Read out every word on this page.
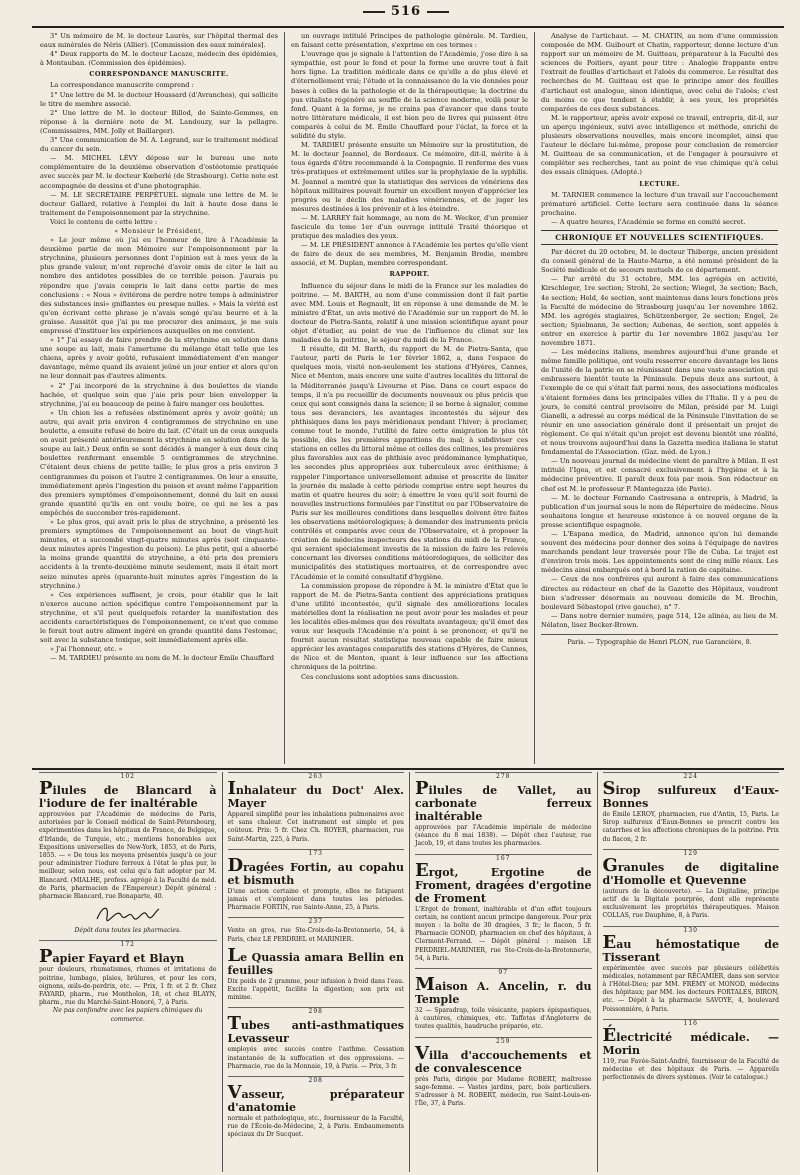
516

3° Un mémoire de M. le docteur Laurès, sur l'hôpital thermal des eaux minérales de Néris (Allier). [Commission des eaux minérales].

4° Deux rapports de M. le docteur Lacaze, médecin des épidémies, à Montauban. (Commission des épidémies).

CORRESPONDANCE MANUSCRITE.

La correspondance manuscrite comprend :

1° Une lettre de M. le docteur Houssard (d'Avranches), qui sollicite le titre de membre associé.

2° Une lettre de M. le docteur Billod, de Sainte-Gemmes, en réponse à la dernière note de M. Landouzy, sur la pellagre. (Commissaires, MM. Jolly et Baillarger).

3° Une communication de M. A. Legrand, sur le traitement médical du cancer du sein.

— M. MICHEL LÉVY dépose sur le bureau une note complémentaire de la deuxième observation d'ostéotomie pratiquée avec succès par M. le docteur Kœberlé (de Strasbourg). Cette note est accompagnée de dessins et d'une photographie.

— M. LE SECRÉTAIRE PERPÉTUEL signale une lettre de M. le docteur Gallard, relative à l'emploi du lait à haute dose dans le traitement de l'empoisonnement par la strychnine.

Voici le contenu de cette lettre :

« Monsieur le Président,

» Le jour même où j'ai eu l'honneur de lire à l'Académie la deuxième partie de mon Mémoire sur l'empoisonnement par la strychnine, plusieurs personnes dont l'opinion est à mes yeux de la plus grande valeur, m'ont reproché d'avoir omis de citer le lait au nombre des antidotes possibles de ce terrible poison. J'aurais pu répondre que j'avais compris le lait dans cette partie de mes conclusions : « Nous » évitérons de perdre notre temps à administrer des substances insi» gnifiantes ou presque nulles. » Mais la vérité est qu'en écrivant cette phrase je n'avais songé qu'au beurre et à la graisse. Aussitôt que j'ai pu me procurer des animaux, je me suis empressé d'instituer les expériences auxquelles on me convient.

» 1° J'ai essayé de faire prendre de la strychnine en solution dans une soupe au lait, mais l'amertume du mélange était telle que les chiens, après y avoir goûté, refusaient immédiatement d'en manger davantage, même quand ils avaient jeûné un jour entier et alors qu'on ne leur donnait pas d'autres aliments.

» 2° J'ai incorporé de la strychnine à des boulettes de viande hachée, et quelque soin que j'aie pris pour bien envelopper la strychnine, j'ai eu beaucoup de peine à faire manger ces boulettes.

» Un chien les a refusées obstinément après y avoir goûté; un autre, qui avait pris environ 4 centigrammes de strychnine en une boulette, a ensuite refusé de boire du lait. (C'était un de ceux auxquels on avait présenté antérieurement la strychnine en solution dans de la soupe au lait.) Deux enfin se sont décidés à manger à eux deux cinq boulettes renfermant ensemble 5 centigrammes de strychnine. C'étaient deux chiens de petite taille; le plus gros a pris environ 3 centigrammes du poison et l'autre 2 centigrammes. On leur a ensuite, immédiatement après l'ingestion du poison et avant même l'apparition des premiers symptômes d'empoisonnement, donné du lait en aussi grande quantité qu'ils en ont voulu boire, ce qui ne les a pas empêchés de succomber très-rapidement.

» Le plus gros, qui avait pris le plus de strychnine, a présenté les premiers symptômes de l'empoisonnement au bout de vingt-huit minutes, et a succombé vingt-quatre minutes après (soit cinquante-deux minutes après l'ingestion du poison). Le plus petit, qui a absorbé la moins grande quantité de strychnine, a été pris des premiers accidents à la trente-deuxième minute seulement, mais il était mort seize minutes après (quarante-huit minutes après l'ingestion de la strychnine.)

» Ces expériences suffisent, je crois, pour établir que le lait n'exerce aucune action spécifique contre l'empoisonnement par la strychnine, et s'il peut quelquefois retarder la manifestation des accidents caractéristiques de l'empoisonnement, ce n'est que comme le ferait tout autre aliment ingéré en grande quantité dans l'estomac, soit avec la substance toxique, soit immédiatement après elle.

» J'ai l'honneur, etc. »

— M. TARDIEU présente au nom de M. le docteur Émile Chauffard

un ouvrage intitulé Principes de pathologie générale. M. Tardieu, en faisant cette présentation, s'exprime en ces termes :

L'ouvrage que je signale à l'attention de l'Académie, j'ose dire à sa sympathie, est pour le fond et pour la forme une œuvre tout à fait hors ligne. La tradition médicale dans ce qu'elle a de plus élevé et d'éternellement vrai; l'étude et la connaissance de la vie données pour bases à celles de la pathologie et de la thérapeutique; la doctrine du pus vitaliste régénéré au souffle de la science moderne, voilà pour le fond. Quant à la forme, je ne crains pas d'avancer que dans toute notre littérature médicale, il est bien peu de livres qui puissent être comparés à celui de M. Émile Chauffard pour l'éclat, la force et la solidité du style.

M. TARDIEU présente ensuite un Mémoire sur la prostitution, de M. le docteur Jeannel, de Bordeaux. Ce mémoire, dit-il, mérite à à tous égards d'être recommandé à la Compagnie. Il renferme des vues très-pratiques et extrêmement utiles sur la prophylaxie de la syphilis. M. Jeannel a montré que la statistique des services de vénériens des hôpitaux militaires pouvait fournir un excellent moyen d'apprécier les progrès ou le déclin des maladies vénériennes, et de juger les mesures destinées à les prévenir et à les éteindre.

— M. LARREY fait hommage, au nom de M. Wecker, d'un premier fascicule du tome 1er d'un ouvrage intitulé Traité théorique et pratique des maladies des yeux.

— M. LE PRÉSIDENT annonce à l'Académie les pertes qu'elle vient de faire de deux de ses membres, M. Benjamin Brodie, membre associé, et M. Duplan, membre correspondant.

RAPPORT.

Influence du séjour dans le midi de la France sur les maladies de poitrine. — M. BARTH, au nom d'une commission dont il fait partie avec MM. Louis et Regnault, lit en réponse à une demande de M. le ministre d'État, un avis motivé de l'Académie sur un rapport de M. le docteur de Pietra-Santa, relatif à une mission scientifique ayant pour objet d'étudier, au point de vue de l'influence du climat sur les maladies de la poitrine, le séjour du midi de la France.

Il résulte, dit M. Barth, du rapport de M. de Pietra-Santa, que l'auteur, parti de Paris le 1er février 1862, a, dans l'espace de quelques mois, visité non-seulement les stations d'Hyères, Cannes, Nice et Menton, mais encore une suite d'autres localités du littoral de la Méditerranée jusqu'à Livourne et Pise. Dans ce court espace de temps, il n'a pu recueillir de documents nouveaux ou plus précis que ceux qui sont consignés dans la science; il se borne à signaler, comme tous ses devanciers, les avantages incontestés du séjour des phthisiques dans les pays méridionaux pendant l'hiver; à proclamer, comme tout le monde, l'utilité de faire cette émigration le plus tôt possible, dès les premières apparitions du mal; à subdiviser ces stations en celles du littoral même et celles des collines, les premières plus favorables aux cas de phthisie avec prédominance lymphatique, les secondes plus appropriées aux tuberculeux avec éréthisme; à rappeler l'importance universellement admise et prescrite de limiter la journée du malade à cette période comprise entre sept heures du matin et quatre heures du soir; à émettre le vœu qu'il soit fourni de nouvelles instructions formulées par l'institut ou par l'Observatoire de Paris sur les meilleures conditions dans lesquelles doivent être faites les observations météorologiques; à demander des instruments précis contrôlés et comparés avec ceux de l'Observatoire, et à proposer la création de médecins inspecteurs des stations du midi de la France, qui seraient spécialement investis de la mission de faire les relevés concernant les diverses conditions météorologiques, de solliciter des municipalités des statistiques mortuaires, et de correspondre avec l'Académie et le comité consultatif d'hygiène.

La commission propose de répondre à M. le ministre d'État que le rapport de M. de Pietra-Santa contient des appréciations pratiques d'une utilité incontestée, qu'il signale des améliorations locales matérielles dont la réalisation ne peut avoir pour les malades et pour les localités elles-mêmes que des résultats avantageux; qu'il émet des vœux sur lesquels l'Académie n'a point à se prononcer, et qu'il ne fournit aucun résultat statistique nouveau capable de faire mieux apprécier les avantages comparatifs des stations d'Hyères, de Cannes, de Nice et de Menton, quant à leur influence sur les affections chroniques de la poitrine.

Ces conclusions sont adoptées sans discussion.

Analyse de l'artichaut. — M. CHATIN, au nom d'une commission composée de MM. Guibourt et Chatin, rapporteur, donne lecture d'un rapport sur un mémoire de M. Guitteau, préparateur à la Faculté des sciences de Poitiers, ayant pour titre : Analogie frappante entre l'extrait de feuilles d'artichaut et l'aloès du commerce. Le résultat des recherches de M. Guitteau est que le principe amer des feuilles d'artichaut est analogue, sinon identique, avec celui de l'aloès; c'est du moins ce que tendent à établir, à ses yeux, les propriétés comparées de ces deux substances.

M. le rapporteur, après avoir exposé ce travail, entrepris, dit-il, sur un aperçu ingénieux, suivi avec intelligence et méthode, enrichi de plusieurs observations nouvelles, mais encore incomplet, ainsi que l'auteur le déclare lui-même, propose pour conclusion de remercier M. Guitteau de sa communication, et de l'engager à poursuivre et compléter ses recherches, tant au point de vue chimique qu'à celui des essais cliniques. (Adopté.)

LECTURE.

M. TARNIER commence la lecture d'un travail sur l'accouchement prématuré artificiel. Cette lecture sera continuée dans la séance prochaine.

— A quatre heures, l'Académie se forme en comité secret.

CHRONIQUE ET NOUVELLES SCIENTIFIQUES.

Par décret du 20 octobre, M. le docteur Thiberge, ancien président du conseil général de la Haute-Marne, a été nommé président de la Société médicale et de secours mutuels de ce département.

— Par arrêté du 31 octobre, MM. les agrégés en activité, Kirschleger, 1re section; Strohl, 2e section; Wiegel, 3e section; Bach, 4e section; Held, 4e section, sont maintenus dans leurs fonctions près la Faculté de médecine de Strasbourg jusqu'au 1er novembre 1862. MM. les agrégés stagiaires, Schützenberger, 2e section; Engel, 2e section; Spielmann, 3e section; Aubenas, 4e section, sont appelés à entrer en exercice à partir du 1er novembre 1862 jusqu'au 1er novembre 1871.

— Les médecins italiens, membres aujourd'hui d'une grande et même famille politique, ont voulu resserrer encore davantage les liens de l'unité de la patrie en se réunissant dans une vaste association qui embrassera bientôt toute la Péninsule. Depuis deux ans surtout, à l'exemple de ce qui s'était fait parmi nous, des associations médicales s'étaient formées dans les principales villes de l'Italie. Il y a peu de jours, le comité central provisoire de Milan, présidé par M. Luigi Gianelli, a adressé au corps médical de la Péninsule l'invitation de se réunir en une association générale dont il présentait un projet de règlement. Ce qui n'était qu'un projet est devenu bientôt une réalité, et nous trouvons aujourd'hui dans la Gazetta medica italiana le statut fondamental de l'Association. (Gaz. méd. de Lyon.)

— Un nouveau journal de médecine vient de paraître à Milan. Il est intitulé l'Igea, et est consacré exclusivement à l'hygiène et à la médecine préventive. Il paraît deux fois par mois. Son rédacteur en chef est M. le professeur P. Mantegazza (de Pavie).

— M. le docteur Fernando Castresana a entrepris, à Madrid, la publication d'un journal sous le nom de Répertoire de médecine. Nous souhaitons longue et heureuse existence à ce nouvel organe de la presse scientifique espagnole.

— L'Espana medica, de Madrid, annonce qu'on lui demande souvent des médecins pour donner des soins à l'équipage de navires marchands pendant leur traversée pour l'île de Cuba. Le trajet est d'environ trois mois. Les appointements sont de cinq mille réaux. Les médecins ainsi embarqués ont à bord la ration de capitaine.

— Ceux de nos confrères qui auront à faire des communications directes au rédacteur en chef de la Gazette des Hôpitaux, voudront bien s'adresser désormais au nouveau domicile de M. Brochin, boulevard Sébastopol (rive gauche), n° 7.

— Dans notre dernier numéro, page 514, 12e alinéa, au lieu de M. Nélaton, lisez Becker-Brown.

Paris. — Typographie de Henri PLON, rue Garancière, 8.
102
Pilules de Blancard à l'iodure de fer inaltérable
approuvées par l'Académie de médecine de Paris, autorisées par le Conseil médical de Saint-Pétersbourg, expérimentées dans les hôpitaux de France, de Belgique, d'Irlande, de Turquie, etc.; mentions honorables aux Expositions universelles de New-York, 1853, et de Paris, 1855. — « De tous les moyens présentés jusqu'à ce jour pour administrer l'iodure ferreux à l'état le plus pur, le meilleur, selon nous, est celui qu'a fait adopter par M. Blancard. (MIALHE, profess. agrégé à la Faculté de méd. de Paris, pharmacien de l'Empereur.) Dépôt général : pharmacie Blancard, rue Bonaparte, 40.
Dépôt dans toutes les pharmacies.
172
Papier Fayard et Blayn
pour douleurs, rhumatismes, rhumes et irritations de poitrine, lumbago, plaies, brûlures, et pour les cors, oignons, œils-de-perdrix, etc. — Prix, 1 fr. et 2 fr. Chez FAYARD, pharm., rue Montholon, 18, et chez BLAYN, pharm., rue du Marché-Saint-Honoré, 7, à Paris.
Ne pas confondre avec les papiers chimiques du commerce.
263
Inhalateur du Doct' Alex. Mayer
Appareil simplifié pour les inhalations pulmonaires avec et sans chaleur. Cet instrument est simple et peu coûteux. Prix: 5 fr. Chez Ch. ROYER, pharmacien, rue Saint-Martin, 225, à Paris.
173
Dragées Fortin, au copahu et bismuth
D'une action certaine et prompte, elles ne fatiguent jamais et s'emploient dans toutes les périodes. Pharmacie FORTIN, rue Sainte-Anne, 25, à Paris.
237
Vente en gros, rue Ste-Croix-de-la-Bretonnerie, 54, à Paris, chez LE PERDRIEL et MARINIER.
Le Quassia amara Bellin en feuilles
Dix poids de 2 gramme, pour infusion à froid dans l'eau. Excite l'appétit, facilite la digestion; son prix est minime.
298
Tubes anti-asthmatiques Levasseur
employés avec succès contre l'asthme. Cessation instantanée de la suffocation et des oppressions. — Pharmacie, rue de la Monnaie, 19, à Paris. — Prix, 3 fr.
208
Vasseur, préparateur d'anatomie
normale et pathologique, etc., fournisseur de la Faculté, rue de l'École-de-Médecine, 2, à Paris. Embaumements spéciaux du Dr Sucquet.
278
Pilules de Vallet, au carbonate ferreux inaltérable
approuvées par l'Académie impériale de médecine (séance du 8 mai 1838). — Dépôt chez l'auteur, rue Jacob, 19, et dans toutes les pharmacies.
167
Ergot, Ergotine de Froment, dragées d'ergotine de Froment
L'Ergot de froment, inaltérable et d'un effet toujours certain, ne contient aucun principe dangereux. Pour prix moyen : la boîte de 30 dragées, 3 fr.; le flacon, 5 fr. Pharmacie GONOD, pharmacien en chef des hôpitaux, à Clermont-Ferrand. — Dépôt général : maison LE PERDRIEL-MARINIER, rue Ste-Croix-de-la-Bretonnerie, 54, à Paris.
97
Maison A. Ancelin, r. du Temple
32 — Sparadrap, toile vésicante, papiers épispastiques, à cautères, chimiques, etc. Taffetas d'Angleterre de toutes qualités, baudruche préparée, etc.
259
Villa d'accouchements et de convalescence
près Paris, dirigée par Madame ROBERT, maîtresse sage-femme. — Vastes jardins, parc, bois particuliers. S'adresser à M. ROBERT, médecin, rue Saint-Louis-en-l'Île, 37, à Paris.
224
Sirop sulfureux d'Eaux-Bonnes
de Émile LEROY, pharmacien, rue d'Antin, 15, Paris. Le Sirop sulfureux d'Eaux-Bonnes se prescrit contre les catarrhes et les affections chroniques de la poitrine. Prix du flacon, 2 fr.
129
Granules de digitaline d'Homolle et Quevenne
(auteurs de la découverte). — La Digitaline, principe actif de la Digitale pourprée, dont elle représente exclusivement les propriétés thérapeutiques. Maison COLLAS, rue Dauphine, 8, à Paris.
130
Eau hémostatique de Tisserant
expérimentée avec succès par plusieurs célébrités médicales, notamment par RÉCAMIER, dans son service à l'Hôtel-Dieu; par MM. FRÉMY et MONOD, médecins des hôpitaux; par MM. les docteurs FORTALES, BIRON, etc. — Dépôt à la pharmacie SAVOYE, 4, boulevard Poissonnière, à Paris.
116
Électricité médicale. — Morin
119, rue Favée-Saint-André, fournisseur de la Faculté de médecine et des hôpitaux de Paris. — Appareils perfectionnés de divers systèmes. (Voir le catalogue.)
